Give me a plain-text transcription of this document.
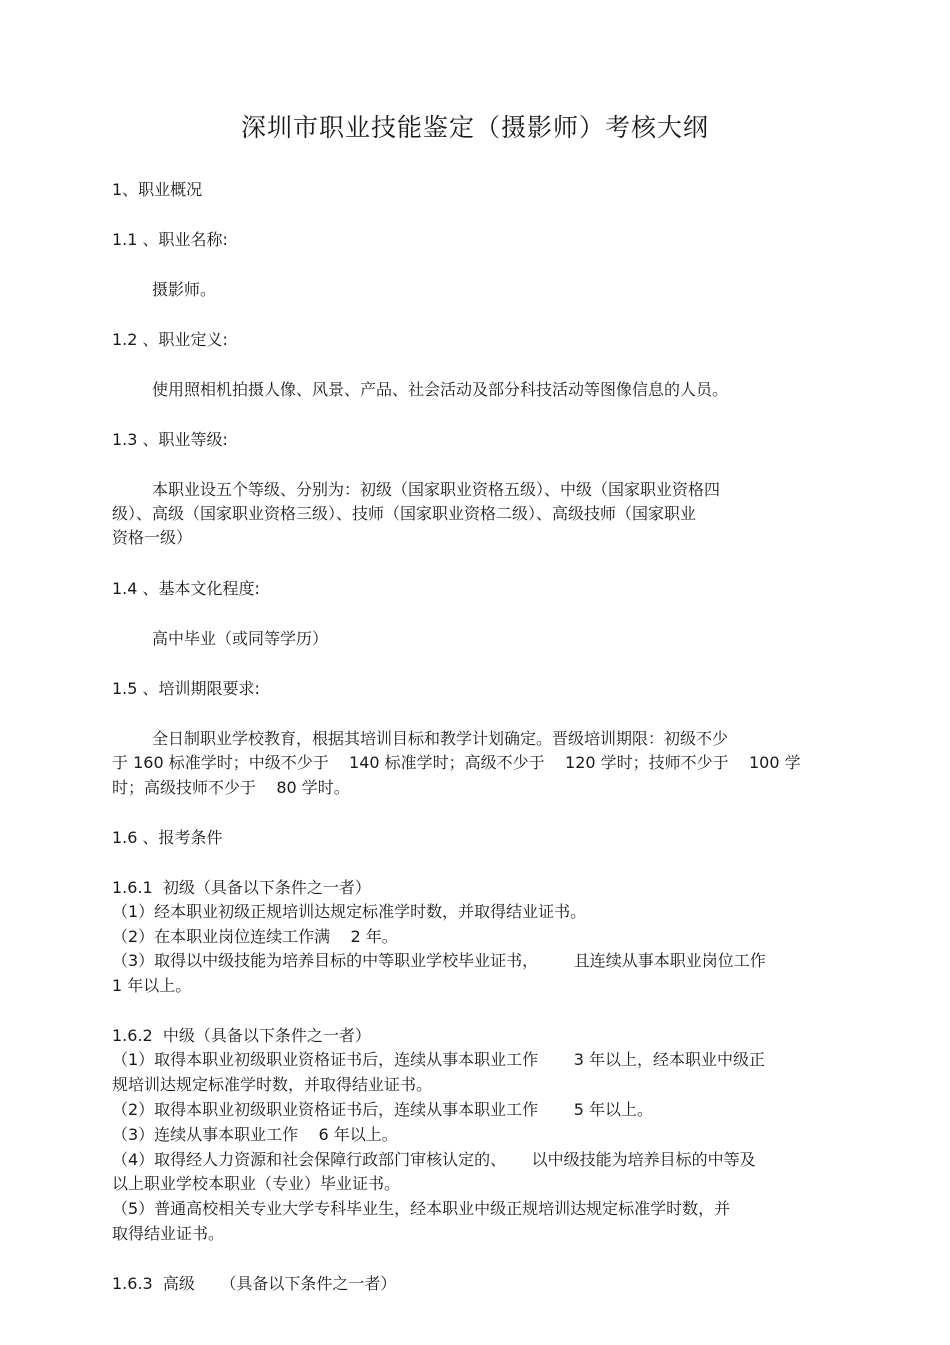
深圳市职业技能鉴定（摄影师）考核大纲
1、职业概况
1.1 、职业名称:
摄影师。
1.2 、职业定义:
使用照相机拍摄人像、风景、产品、社会活动及部分科技活动等图像信息的人员。
1.3 、职业等级:
本职业设五个等级、分别为：初级（国家职业资格五级）、中级（国家职业资格四
级）、高级（国家职业资格三级）、技师（国家职业资格二级）、高级技师（国家职业
资格一级）
1.4 、基本文化程度:
高中毕业（或同等学历）
1.5 、培训期限要求:
全日制职业学校教育，根据其培训目标和教学计划确定。晋级培训期限：初级不少
于 160 标准学时；中级不少于    140 标准学时；高级不少于    120 学时；技师不少于    100 学
时；高级技师不少于    80 学时。
1.6 、报考条件
1.6.1  初级（具备以下条件之一者）
（1）经本职业初级正规培训达规定标准学时数，并取得结业证书。
（2）在本职业岗位连续工作满    2 年。
（3）取得以中级技能为培养目标的中等职业学校毕业证书，       且连续从事本职业岗位工作
1 年以上。
1.6.2  中级（具备以下条件之一者）
（1）取得本职业初级职业资格证书后，连续从事本职业工作       3 年以上，经本职业中级正
规培训达规定标准学时数，并取得结业证书。
（2）取得本职业初级职业资格证书后，连续从事本职业工作       5 年以上。
（3）连续从事本职业工作    6 年以上。
（4）取得经人力资源和社会保障行政部门审核认定的、     以中级技能为培养目标的中等及
以上职业学校本职业（专业）毕业证书。
（5）普通高校相关专业大学专科毕业生，经本职业中级正规培训达规定标准学时数，并
取得结业证书。
1.6.3  高级     （具备以下条件之一者）
